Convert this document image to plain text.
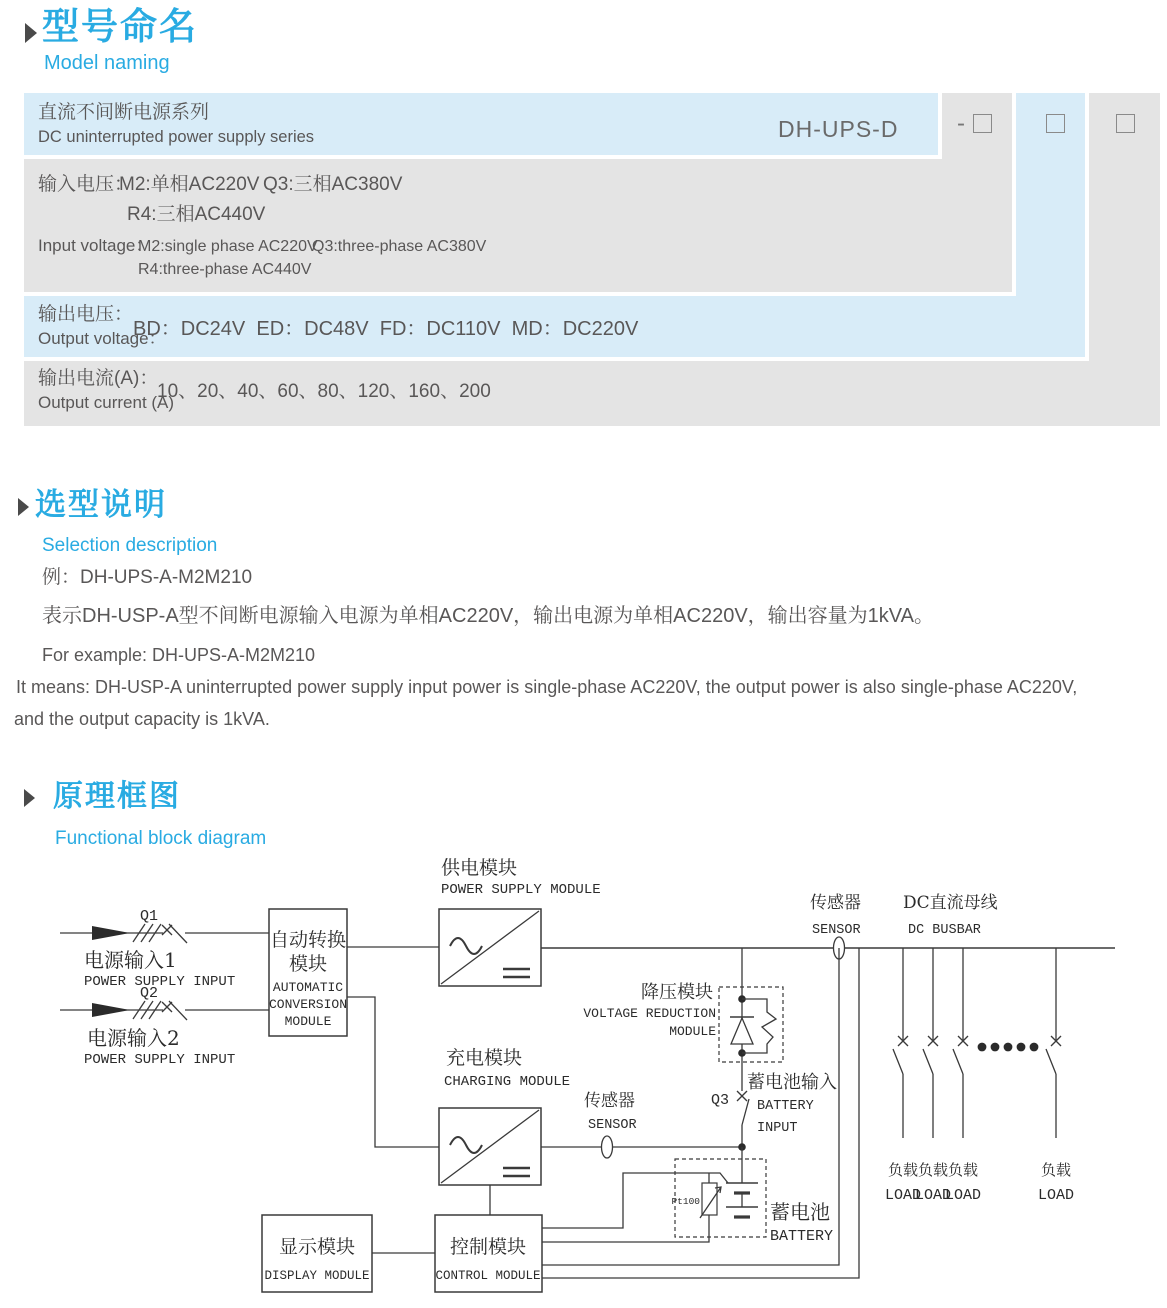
型号命名
Model naming
直流不间断电源系列
DC uninterrupted power supply series	DH-UPS-D -
输入电压：
M2:单相AC220V Q3:三相AC380V
R4:三相AC440V
Input voltage：
M2:single phase AC220V
Q3:three-phase AC380V
R4:three-phase AC440V
输出电压：
Output voltage：
BD：DC24V  ED：DC48V  FD：DC110V  MD：DC220V
输出电流(A)：
Output current (A)
10、20、40、60、80、120、160、200
选型说明
Selection description
例：DH-UPS-A-M2M210
表示DH-USP-A型不间断电源输入电源为单相AC220V，输出电源为单相AC220V，输出容量为1kVA。
For example: DH-UPS-A-M2M210
It means: DH-USP-A uninterrupted power supply input power is single-phase AC220V, the output power is also single-phase AC220V,
and the output capacity is 1kVA.
原理框图
Functional block diagram
Q1
电源输入1
POWER SUPPLY INPUT
Q2
电源输入2
POWER SUPPLY INPUT
自动转换
模块
AUTOMATIC
CONVERSION
MODULE
供电模块
POWER SUPPLY MODULE
传感器
SENSOR
DC直流母线
DC BUSBAR
降压模块
VOLTAGE REDUCTION
MODULE
充电模块
CHARGING MODULE
传感器
SENSOR
Q3
蓄电池输入
BATTERY
INPUT
Pt100	蓄电池
BATTERY
显示模块
DISPLAY MODULE
控制模块
CONTROL MODULE
负载 负载 负载	负载
LOAD
LOAD
LOAD	LOAD
